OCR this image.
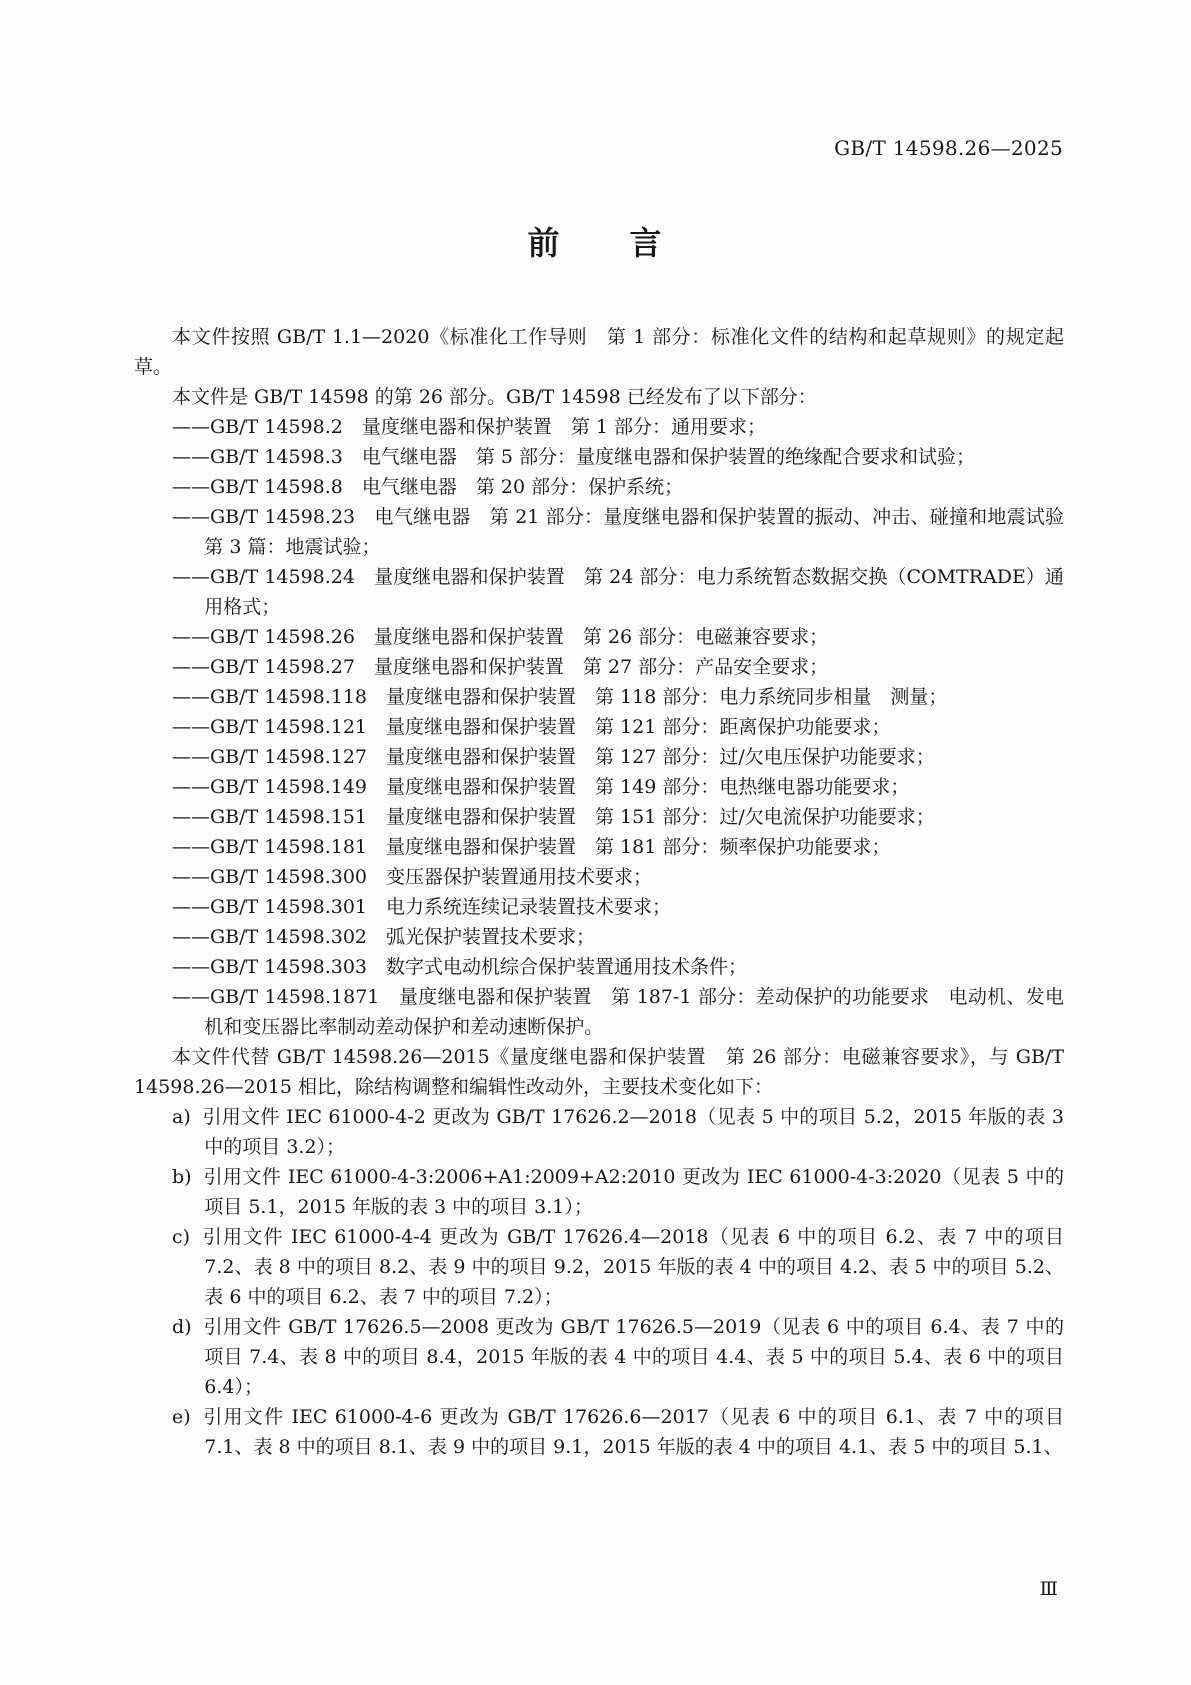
GB/T 14598.26—2025
前　　言

本文件按照 GB/T 1.1—2020《标准化工作导则　第 1 部分：标准化文件的结构和起草规则》的规定起草。

本文件是 GB/T 14598 的第 26 部分。GB/T 14598 已经发布了以下部分：

——GB/T 14598.2　量度继电器和保护装置　第 1 部分：通用要求；

——GB/T 14598.3　电气继电器　第 5 部分：量度继电器和保护装置的绝缘配合要求和试验；

——GB/T 14598.8　电气继电器　第 20 部分：保护系统；

——GB/T 14598.23　电气继电器　第 21 部分：量度继电器和保护装置的振动、冲击、碰撞和地震试验　第 3 篇：地震试验；

——GB/T 14598.24　量度继电器和保护装置　第 24 部分：电力系统暂态数据交换（COMTRADE）通用格式；

——GB/T 14598.26　量度继电器和保护装置　第 26 部分：电磁兼容要求；

——GB/T 14598.27　量度继电器和保护装置　第 27 部分：产品安全要求；

——GB/T 14598.118　量度继电器和保护装置　第 118 部分：电力系统同步相量　测量；

——GB/T 14598.121　量度继电器和保护装置　第 121 部分：距离保护功能要求；

——GB/T 14598.127　量度继电器和保护装置　第 127 部分：过/欠电压保护功能要求；

——GB/T 14598.149　量度继电器和保护装置　第 149 部分：电热继电器功能要求；

——GB/T 14598.151　量度继电器和保护装置　第 151 部分：过/欠电流保护功能要求；

——GB/T 14598.181　量度继电器和保护装置　第 181 部分：频率保护功能要求；

——GB/T 14598.300　变压器保护装置通用技术要求；

——GB/T 14598.301　电力系统连续记录装置技术要求；

——GB/T 14598.302　弧光保护装置技术要求；

——GB/T 14598.303　数字式电动机综合保护装置通用技术条件；

——GB/T 14598.1871　量度继电器和保护装置　第 187-1 部分：差动保护的功能要求　电动机、发电机和变压器比率制动差动保护和差动速断保护。

本文件代替 GB/T 14598.26—2015《量度继电器和保护装置　第 26 部分：电磁兼容要求》，与 GB/T 14598.26—2015 相比，除结构调整和编辑性改动外，主要技术变化如下：

a) 引用文件 IEC 61000-4-2 更改为 GB/T 17626.2—2018（见表 5 中的项目 5.2，2015 年版的表 3 中的项目 3.2）；

b) 引用文件 IEC 61000-4-3:2006+A1:2009+A2:2010 更改为 IEC 61000-4-3:2020（见表 5 中的项目 5.1，2015 年版的表 3 中的项目 3.1）；

c) 引用文件 IEC 61000-4-4 更改为 GB/T 17626.4—2018（见表 6 中的项目 6.2、表 7 中的项目 7.2、表 8 中的项目 8.2、表 9 中的项目 9.2，2015 年版的表 4 中的项目 4.2、表 5 中的项目 5.2、表 6 中的项目 6.2、表 7 中的项目 7.2）；

d) 引用文件 GB/T 17626.5—2008 更改为 GB/T 17626.5—2019（见表 6 中的项目 6.4、表 7 中的项目 7.4、表 8 中的项目 8.4，2015 年版的表 4 中的项目 4.4、表 5 中的项目 5.4、表 6 中的项目 6.4）；

e) 引用文件 IEC 61000-4-6 更改为 GB/T 17626.6—2017（见表 6 中的项目 6.1、表 7 中的项目 7.1、表 8 中的项目 8.1、表 9 中的项目 9.1，2015 年版的表 4 中的项目 4.1、表 5 中的项目 5.1、

Ⅲ
